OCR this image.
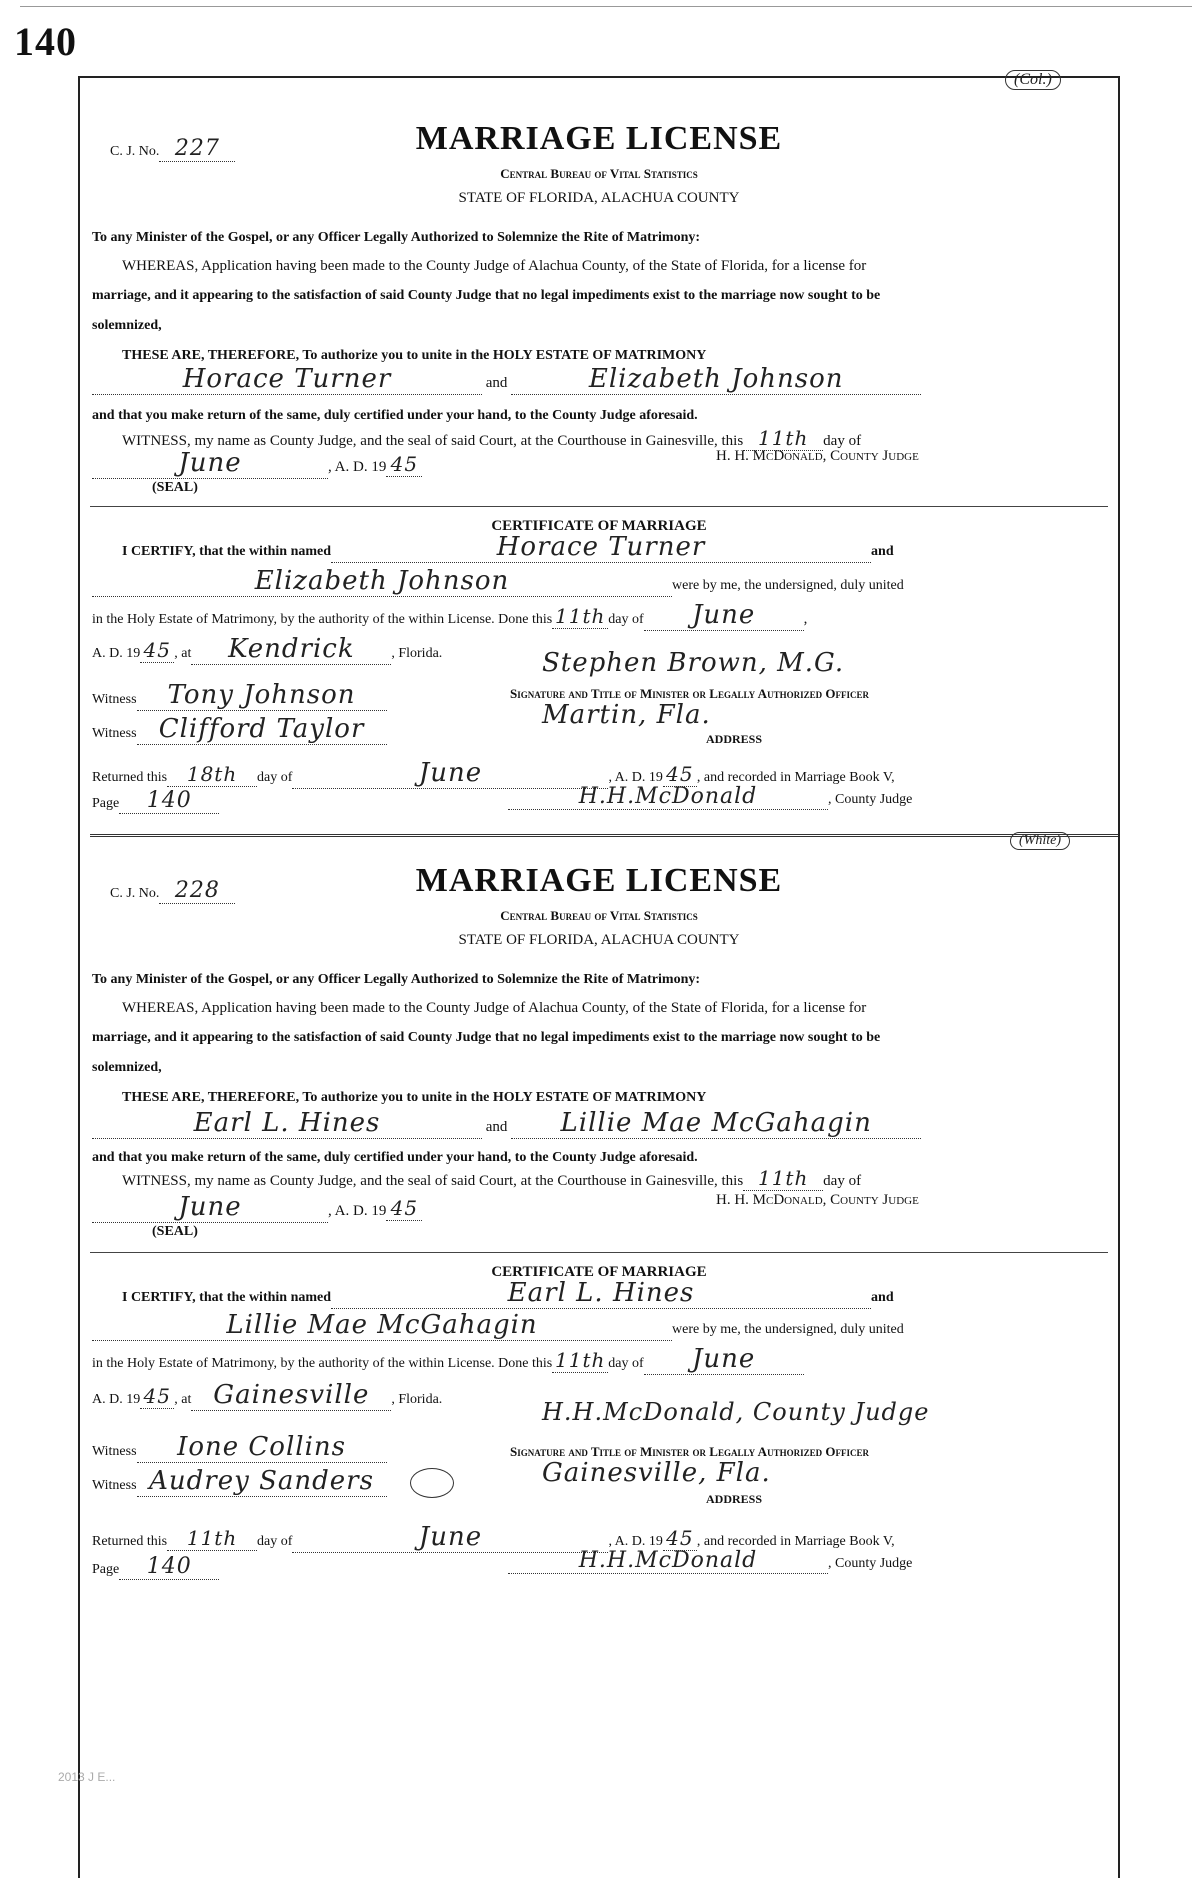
140
(Col.)
C. J. No. 227	MARRIAGE LICENSE
Central Bureau of Vital Statistics
STATE OF FLORIDA, ALACHUA COUNTY
To any Minister of the Gospel, or any Officer Legally Authorized to Solemnize the Rite of Matrimony:
WHEREAS, Application having been made to the County Judge of Alachua County, of the State of Florida, for a license for
marriage, and it appearing to the satisfaction of said County Judge that no legal impediments exist to the marriage now sought to be
solemnized,
THESE ARE, THEREFORE, To authorize you to unite in the HOLY ESTATE OF MATRIMONY
Horace Turner	and	Elizabeth Johnson
and that you make return of the same, duly certified under your hand, to the County Judge aforesaid.
WITNESS, my name as County Judge, and the seal of said Court, at the Courthouse in Gainesville, this 11th day of
June	, A. D. 19 45	H. H. McDonald, County Judge
(SEAL)
CERTIFICATE OF MARRIAGE
I CERTIFY, that the within named	Horace Turner	and
Elizabeth Johnson	were by me, the undersigned, duly united
in the Holy Estate of Matrimony, by the authority of the within License. Done this 11th day of June	,
A. D. 19 45 , at Kendrick	, Florida.	Stephen Brown, M.G.
Witness Tony Johnson	Signature and Title of Minister or Legally Authorized Officer
Witness Clifford Taylor	Martin, Fla.
ADDRESS
Returned this 18th day of	June	, A. D. 19 45 , and recorded in Marriage Book V,
Page 140	H.H.McDonald	, County Judge
(White)
C. J. No. 228	MARRIAGE LICENSE
Central Bureau of Vital Statistics
STATE OF FLORIDA, ALACHUA COUNTY
To any Minister of the Gospel, or any Officer Legally Authorized to Solemnize the Rite of Matrimony:
WHEREAS, Application having been made to the County Judge of Alachua County, of the State of Florida, for a license for
marriage, and it appearing to the satisfaction of said County Judge that no legal impediments exist to the marriage now sought to be
solemnized,
THESE ARE, THEREFORE, To authorize you to unite in the HOLY ESTATE OF MATRIMONY
Earl L. Hines	and Lillie Mae McGahagin
and that you make return of the same, duly certified under your hand, to the County Judge aforesaid.
WITNESS, my name as County Judge, and the seal of said Court, at the Courthouse in Gainesville, this 11th day of
June	, A. D. 19 45	H. H. McDonald, County Judge
(SEAL)
CERTIFICATE OF MARRIAGE
I CERTIFY, that the within named	Earl L. Hines	and
Lillie Mae McGahagin	were by me, the undersigned, duly united
in the Holy Estate of Matrimony, by the authority of the within License. Done this 11th day of June
A. D. 19 45 , at Gainesville , Florida.	H.H.McDonald, County Judge
Witness Ione Collins	Signature and Title of Minister or Legally Authorized Officer
Witness Audrey Sanders	Gainesville, Fla.
ADDRESS
Returned this 11th day of	June	, A. D. 19 45 , and recorded in Marriage Book V,
Page 140	H.H.McDonald	, County Judge
2013 J E...
